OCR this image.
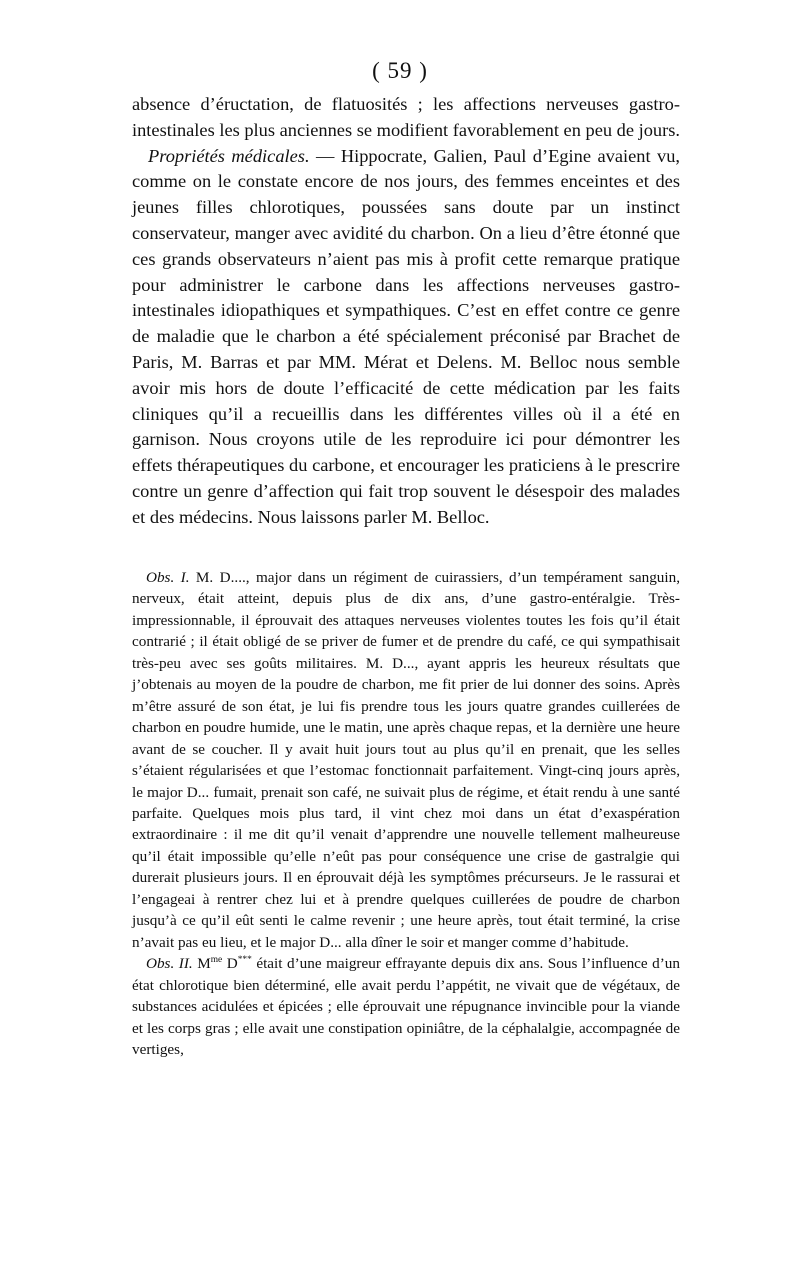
( 59 )

absence d’éructation, de flatuosités ; les affections nerveuses gastro-intestinales les plus anciennes se modifient favorablement en peu de jours.

Propriétés médicales. — Hippocrate, Galien, Paul d’Egine avaient vu, comme on le constate encore de nos jours, des femmes enceintes et des jeunes filles chlorotiques, poussées sans doute par un instinct conservateur, manger avec avidité du charbon. On a lieu d’être étonné que ces grands observateurs n’aient pas mis à profit cette remarque pratique pour administrer le carbone dans les affections nerveuses gastro-intestinales idiopathiques et sympathiques. C’est en effet contre ce genre de maladie que le charbon a été spécialement préconisé par Brachet de Paris, M. Barras et par MM. Mérat et Delens. M. Belloc nous semble avoir mis hors de doute l’efficacité de cette médication par les faits cliniques qu’il a recueillis dans les différentes villes où il a été en garnison. Nous croyons utile de les reproduire ici pour démontrer les effets thérapeutiques du carbone, et encourager les praticiens à le prescrire contre un genre d’affection qui fait trop souvent le désespoir des malades et des médecins. Nous laissons parler M. Belloc.

Obs. I. M. D...., major dans un régiment de cuirassiers, d’un tempérament sanguin, nerveux, était atteint, depuis plus de dix ans, d’une gastro-entéralgie. Très-impressionnable, il éprouvait des attaques nerveuses violentes toutes les fois qu’il était contrarié ; il était obligé de se priver de fumer et de prendre du café, ce qui sympathisait très-peu avec ses goûts militaires. M. D..., ayant appris les heureux résultats que j’obtenais au moyen de la poudre de charbon, me fit prier de lui donner des soins. Après m’être assuré de son état, je lui fis prendre tous les jours quatre grandes cuillerées de charbon en poudre humide, une le matin, une après chaque repas, et la dernière une heure avant de se coucher. Il y avait huit jours tout au plus qu’il en prenait, que les selles s’étaient régularisées et que l’estomac fonctionnait parfaitement. Vingt-cinq jours après, le major D... fumait, prenait son café, ne suivait plus de régime, et était rendu à une santé parfaite. Quelques mois plus tard, il vint chez moi dans un état d’exaspération extraordinaire : il me dit qu’il venait d’apprendre une nouvelle tellement malheureuse qu’il était impossible qu’elle n’eût pas pour conséquence une crise de gastralgie qui durerait plusieurs jours. Il en éprouvait déjà les symptômes précurseurs. Je le rassurai et l’engageai à rentrer chez lui et à prendre quelques cuillerées de poudre de charbon jusqu’à ce qu’il eût senti le calme revenir ; une heure après, tout était terminé, la crise n’avait pas eu lieu, et le major D... alla dîner le soir et manger comme d’habitude.

Obs. II. $M^{me}$ D*** était d’une maigreur effrayante depuis dix ans. Sous l’influence d’un état chlorotique bien déterminé, elle avait perdu l’appétit, ne vivait que de végétaux, de substances acidulées et épicées ; elle éprouvait une répugnance invincible pour la viande et les corps gras ; elle avait une constipation opiniâtre, de la céphalalgie, accompagnée de vertiges,
